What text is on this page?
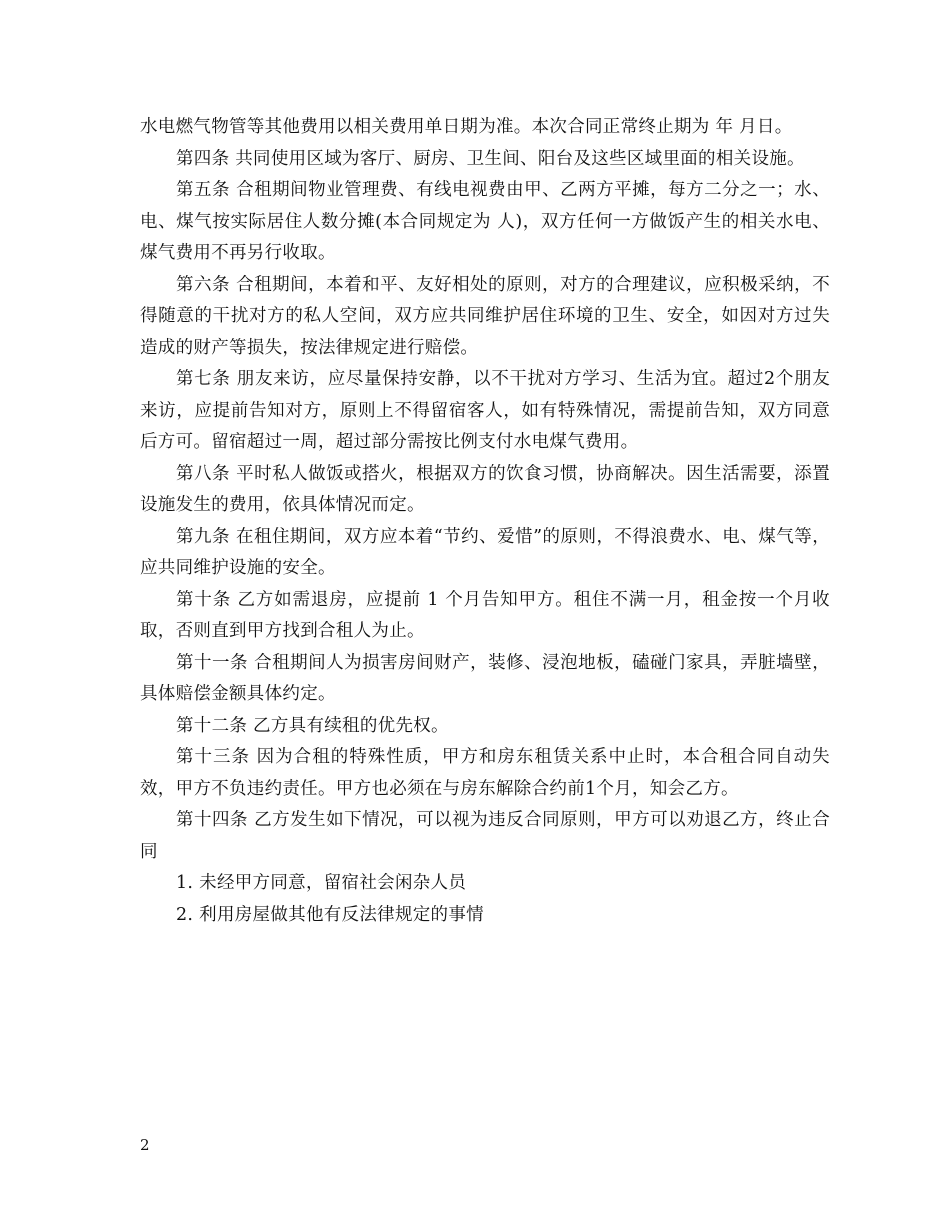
水电燃气物管等其他费用以相关费用单日期为准。本次合同正常终止期为 年 月日。

第四条 共同使用区域为客厅、厨房、卫生间、阳台及这些区域里面的相关设施。

第五条 合租期间物业管理费、有线电视费由甲、乙两方平摊，每方二分之一；水、电、煤气按实际居住人数分摊(本合同规定为 人)，双方任何一方做饭产生的相关水电、煤气费用不再另行收取。

第六条 合租期间，本着和平、友好相处的原则，对方的合理建议，应积极采纳，不得随意的干扰对方的私人空间，双方应共同维护居住环境的卫生、安全，如因对方过失造成的财产等损失，按法律规定进行赔偿。

第七条 朋友来访，应尽量保持安静，以不干扰对方学习、生活为宜。超过2个朋友来访，应提前告知对方，原则上不得留宿客人，如有特殊情况，需提前告知，双方同意后方可。留宿超过一周，超过部分需按比例支付水电煤气费用。

第八条 平时私人做饭或搭火，根据双方的饮食习惯，协商解决。因生活需要，添置设施发生的费用，依具体情况而定。

第九条 在租住期间，双方应本着“节约、爱惜”的原则，不得浪费水、电、煤气等，应共同维护设施的安全。

第十条 乙方如需退房，应提前 1 个月告知甲方。租住不满一月，租金按一个月收取，否则直到甲方找到合租人为止。

第十一条 合租期间人为损害房间财产，装修、浸泡地板，磕碰门家具，弄脏墙壁，具体赔偿金额具体约定。

第十二条 乙方具有续租的优先权。

第十三条 因为合租的特殊性质，甲方和房东租赁关系中止时，本合租合同自动失效，甲方不负违约责任。甲方也必须在与房东解除合约前1个月，知会乙方。

第十四条 乙方发生如下情况，可以视为违反合同原则，甲方可以劝退乙方，终止合同

1. 未经甲方同意，留宿社会闲杂人员

2. 利用房屋做其他有反法律规定的事情

2
